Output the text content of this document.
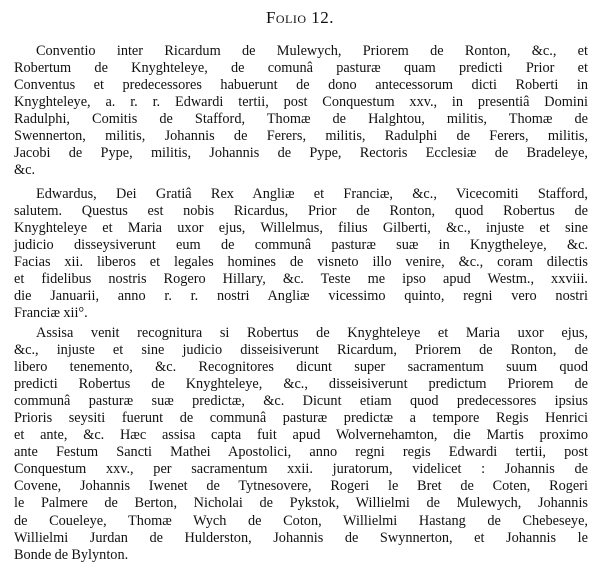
Folio 12.
Conventio inter Ricardum de Mulewych, Priorem de Ronton, &c., et
Robertum de Knyghteleye, de comunâ pasturæ quam predicti Prior et
Conventus et predecessores habuerunt de dono antecessorum dicti Roberti in
Knyghteleye, a. r. r. Edwardi tertii, post Conquestum xxv., in presentiâ Domini
Radulphi, Comitis de Stafford, Thomæ de Halghtou, militis, Thomæ de
Swennerton, militis, Johannis de Ferers, militis, Radulphi de Ferers, militis,
Jacobi de Pype, militis, Johannis de Pype, Rectoris Ecclesiæ de Bradeleye,
&c.
Edwardus, Dei Gratiâ Rex Angliæ et Franciæ, &c., Vicecomiti Stafford,
salutem. Questus est nobis Ricardus, Prior de Ronton, quod Robertus de
Knyghteleye et Maria uxor ejus, Willelmus, filius Gilberti, &c., injuste et sine
judicio disseysiverunt eum de communâ pasturæ suæ in Knygtheleye, &c.
Facias xii. liberos et legales homines de visneto illo venire, &c., coram dilectis
et fidelibus nostris Rogero Hillary, &c. Teste me ipso apud Westm., xxviii.
die Januarii, anno r. r. nostri Angliæ vicessimo quinto, regni vero nostri
Franciæ xii°.
Assisa venit recognitura si Robertus de Knyghteleye et Maria uxor ejus,
&c., injuste et sine judicio disseisiverunt Ricardum, Priorem de Ronton, de
libero tenemento, &c. Recognitores dicunt super sacramentum suum quod
predicti Robertus de Knyghteleye, &c., disseisiverunt predictum Priorem de
communâ pasturæ suæ predictæ, &c. Dicunt etiam quod predecessores ipsius
Prioris seysiti fuerunt de communâ pasturæ predictæ a tempore Regis Henrici
et ante, &c. Hæc assisa capta fuit apud Wolvernehamton, die Martis proximo
ante Festum Sancti Mathei Apostolici, anno regni regis Edwardi tertii, post
Conquestum xxv., per sacramentum xxii. juratorum, videlicet : Johannis de
Covene, Johannis Iwenet de Tytnesovere, Rogeri le Bret de Coten, Rogeri
le Palmere de Berton, Nicholai de Pykstok, Willielmi de Mulewych, Johannis
de Coueleye, Thomæ Wych de Coton, Willielmi Hastang de Chebeseye,
Willielmi Jurdan de Hulderston, Johannis de Swynnerton, et Johannis le
Bonde de Bylynton.
